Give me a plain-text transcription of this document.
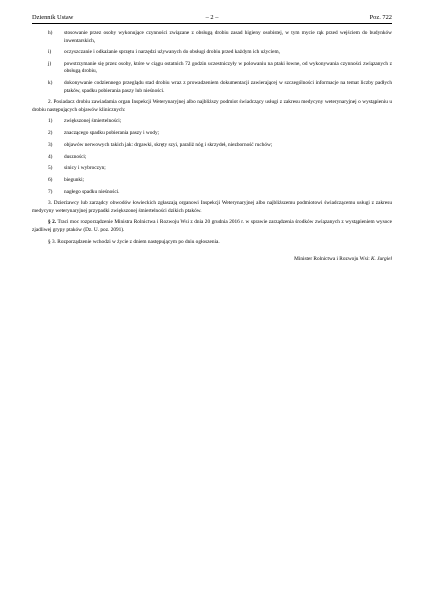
Dziennik Ustaw	– 2 –	Poz. 722
h) stosowanie przez osoby wykonujące czynności związane z obsługą drobiu zasad higieny osobistej, w tym mycie rąk przed wejściem do budynków inwentarskich,
i) oczyszczanie i odkażanie sprzętu i narzędzi używanych do obsługi drobiu przed każdym ich użyciem,
j) powstrzymanie się przez osoby, które w ciągu ostatnich 72 godzin uczestniczyły w polowaniu na ptaki łowne, od wykonywania czynności związanych z obsługą drobiu,
k) dokonywanie codziennego przeglądu stad drobiu wraz z prowadzeniem dokumentacji zawierającej w szczególności informacje na temat liczby padłych ptaków, spadku pobierania paszy lub nieśności.
2. Posiadacz drobiu zawiadamia organ Inspekcji Weterynaryjnej albo najbliższy podmiot świadczący usługi z zakresu medycyny weterynaryjnej o wystąpieniu u drobiu następujących objawów klinicznych:
1) zwiększonej śmiertelności;
2) znaczącego spadku pobierania paszy i wody;
3) objawów nerwowych takich jak: drgawki, skręty szyi, paraliż nóg i skrzydeł, niezborność ruchów;
4) duszności;
5) sinicy i wybroczyn;
6) biegunki;
7) nagłego spadku nieśności.
3. Dzierżawcy lub zarządcy obwodów łowieckich zgłaszają organowi Inspekcji Weterynaryjnej albo najbliższemu podmiotowi świadczącemu usługi z zakresu medycyny weterynaryjnej przypadki zwiększonej śmiertelności dzikich ptaków.
§ 2. Traci moc rozporządzenie Ministra Rolnictwa i Rozwoju Wsi z dnia 20 grudnia 2016 r. w sprawie zarządzenia środków związanych z wystąpieniem wysoce zjadliwej grypy ptaków (Dz. U. poz. 2091).
§ 3. Rozporządzenie wchodzi w życie z dniem następującym po dniu ogłoszenia.
Minister Rolnictwa i Rozwoju Wsi: K. Jurgiel
